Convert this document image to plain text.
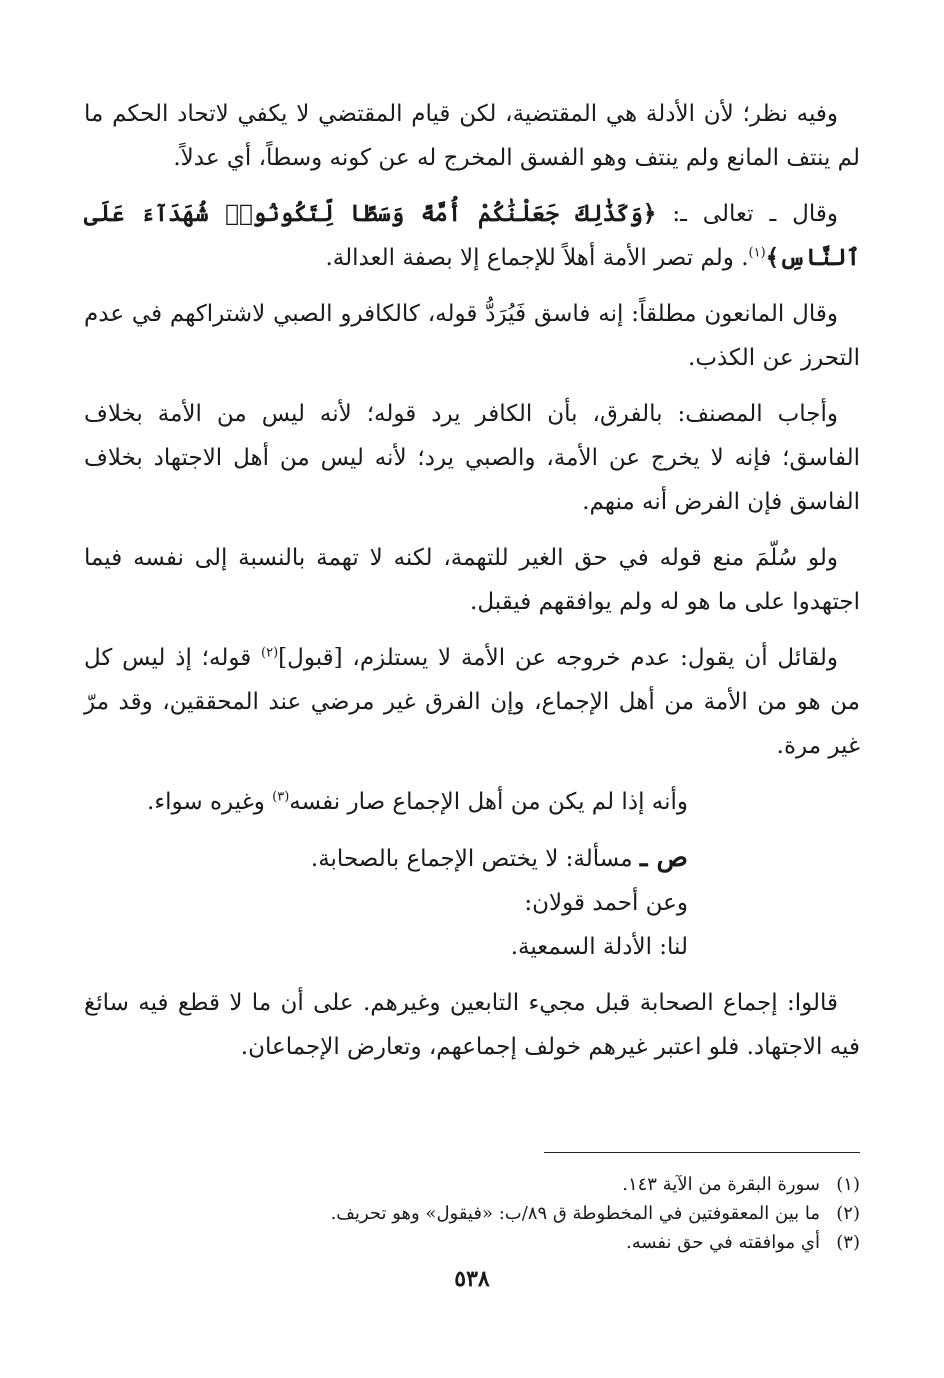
وفيه نظر؛ لأن الأدلة هي المقتضية، لكن قيام المقتضي لا يكفي لاتحاد الحكم ما لم ينتف المانع ولم ينتف وهو الفسق المخرج له عن كونه وسطاً، أي عدلاً.

وقال ـ تعالى ـ: ﴿وَكَذَٰلِكَ جَعَلْنَٰكُمْ أُمَّةً وَسَطًا لِّتَكُونُوا۟ شُهَدَآءَ عَلَى ٱلنَّاسِ﴾$^{(١)}$. ولم تصر الأمة أهلاً للإجماع إلا بصفة العدالة.

وقال المانعون مطلقاً: إنه فاسق فَيُرَدُّ قوله، كالكافرو الصبي لاشتراكهم في عدم التحرز عن الكذب.

وأجاب المصنف: بالفرق، بأن الكافر يرد قوله؛ لأنه ليس من الأمة بخلاف الفاسق؛ فإنه لا يخرج عن الأمة، والصبي يرد؛ لأنه ليس من أهل الاجتهاد بخلاف الفاسق فإن الفرض أنه منهم.

ولو سُلّمَ منع قوله في حق الغير للتهمة، لكنه لا تهمة بالنسبة إلى نفسه فيما اجتهدوا على ما هو له ولم يوافقهم فيقبل.

ولقائل أن يقول: عدم خروجه عن الأمة لا يستلزم، [قبول]$^{(٢)}$ قوله؛ إذ ليس كل من هو من الأمة من أهل الإجماع، وإن الفرق غير مرضي عند المحققين، وقد مرّ غير مرة.

وأنه إذا لم يكن من أهل الإجماع صار نفسه$^{(٣)}$ وغيره سواء.

ص ـ مسألة: لا يختص الإجماع بالصحابة.

وعن أحمد قولان:

لنا: الأدلة السمعية.

قالوا: إجماع الصحابة قبل مجيء التابعين وغيرهم. على أن ما لا قطع فيه سائغ فيه الاجتهاد. فلو اعتبر غيرهم خولف إجماعهم، وتعارض الإجماعان.

(١)سورة البقرة من الآية ١٤٣.

(٢)ما بين المعقوفتين في المخطوطة ق ٨٩/ب: «فيقول» وهو تحريف.

(٣)أي موافقته في حق نفسه.

٥٣٨
